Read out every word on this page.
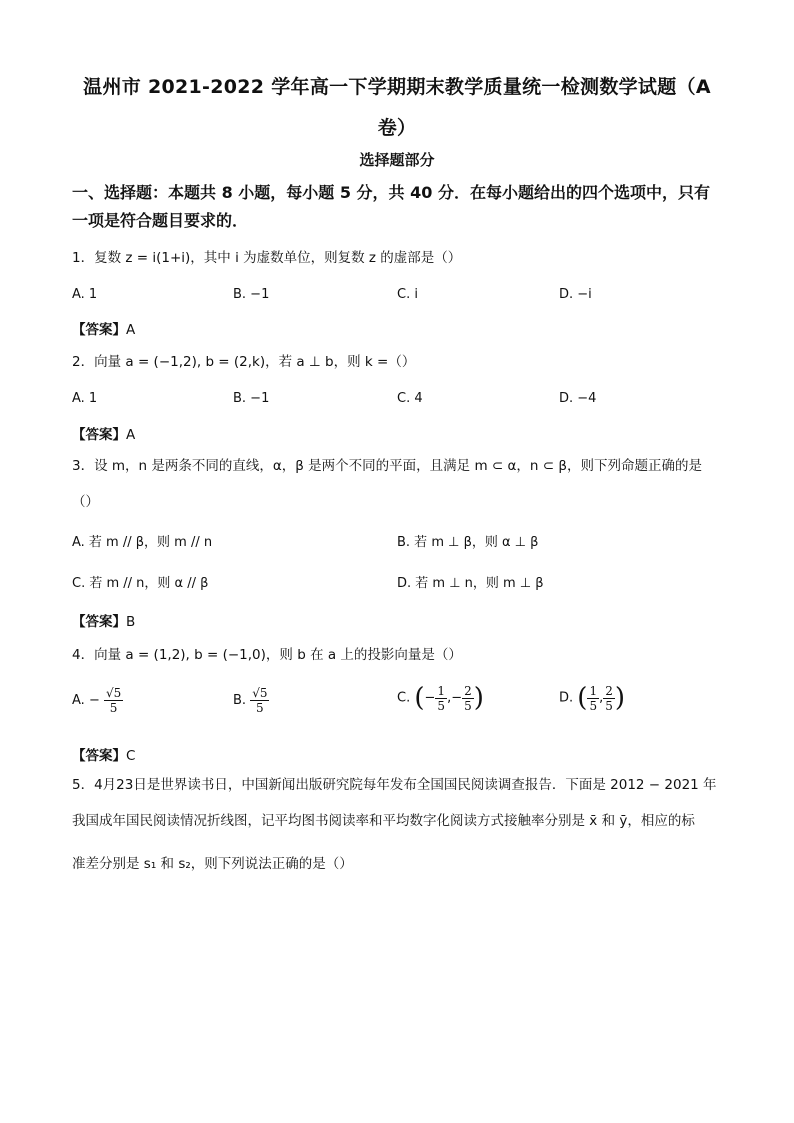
温州市 2021-2022 学年高一下学期期末教学质量统一检测数学试题（A
卷）
选择题部分
一、选择题：本题共 8 小题，每小题 5 分，共 40 分．在每小题给出的四个选项中，只有一项是符合题目要求的．
1．复数 z = i(1+i)，其中 i 为虚数单位，则复数 z 的虚部是（）
A. 1	B. −1	C. i	D. −i
【答案】A
2．向量 a = (−1,2), b = (2,k)，若 a ⊥ b，则 k =（）
A. 1	B. −1	C. 4	D. −4
【答案】A
3．设 m，n 是两条不同的直线，α，β 是两个不同的平面，且满足 m ⊂ α，n ⊂ β，则下列命题正确的是
（）
A. 若 m // β，则 m // n	B. 若 m ⊥ β，则 α ⊥ β
C. 若 m // n，则 α // β	D. 若 m ⊥ n，则 m ⊥ β
【答案】B
4．向量 a = (1,2), b = (−1,0)，则 b 在 a 上的投影向量是（）
A. − $\frac{√5}{5}$	B. $\frac{√5}{5}$	C. (− $\frac{1}{5}$ ,− $\frac{2}{5}$ )	D. ( $\frac{1}{5}$ , $\frac{2}{5}$ )
【答案】C
5．4月23日是世界读书日，中国新闻出版研究院每年发布全国国民阅读调查报告．下面是 2012 − 2021 年
我国成年国民阅读情况折线图，记平均图书阅读率和平均数字化阅读方式接触率分别是 x̄ 和 ȳ，相应的标
准差分别是 s₁ 和 s₂，则下列说法正确的是（）
